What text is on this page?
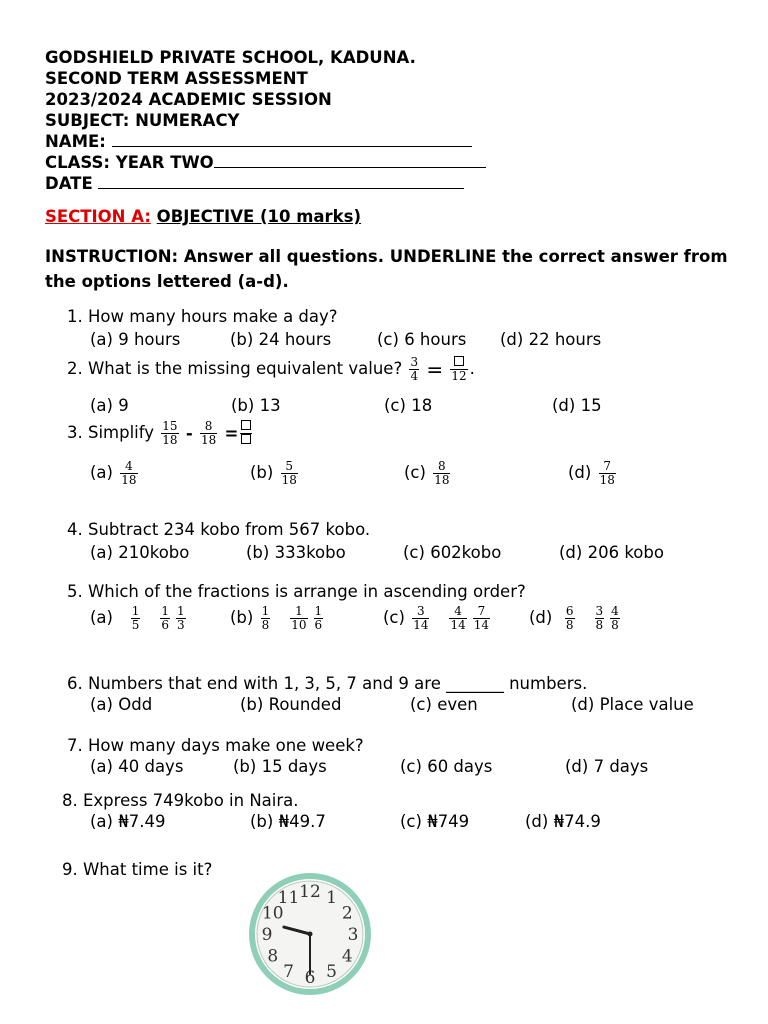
GODSHIELD PRIVATE SCHOOL, KADUNA.
SECOND TERM ASSESSMENT
2023/2024 ACADEMIC SESSION
SUBJECT: NUMERACY
NAME:
CLASS: YEAR TWO
DATE
SECTION A: OBJECTIVE (10 marks)
INSTRUCTION: Answer all questions. UNDERLINE the correct answer from the options lettered (a-d).
1. How many hours make a day?
(a) 9 hours	(b) 24 hours	(c) 6 hours (d) 22 hours
2. What is the missing equivalent value? $\frac{3}{4} = 12$ .
(a) 9	(b) 13	(c) 18	(d) 15
3. Simplify $\frac{15}{18} - \frac{8}{18}$ =
$(a) \frac{4}{18}$	$(b) \frac{5}{18}$	$(c) \frac{8}{18}$	$(d) \frac{7}{18}$
4. Subtract 234 kobo from 567 kobo.
(a) 210kobo	(b) 333kobo	(c) 602kobo	(d) 206 kobo
5. Which of the fractions is arrange in ascending order?
$(a) \frac{1}{5} \frac{1}{6} \frac{1}{3}$	$(b) \frac{1}{8} \frac{1}{10} \frac{1}{6}$	$(c) \frac{3}{14} \frac{4}{14} \frac{7}{14} (d) \frac{6}{8} \frac{3}{8} \frac{4}{8}$
6. Numbers that end with 1, 3, 5, 7 and 9 are _______ numbers.
(a) Odd	(b) Rounded	(c) even	(d) Place value
7. How many days make one week?
(a) 40 days	(b) 15 days	(c) 60 days	(d) 7 days
8. Express 749kobo in Naira.
(a) ₦7.49	(b) ₦49.7	(c) ₦749	(d) ₦74.9
9. What time is it?
12 1
2
3
4
5
6
7
8
9
10
11
